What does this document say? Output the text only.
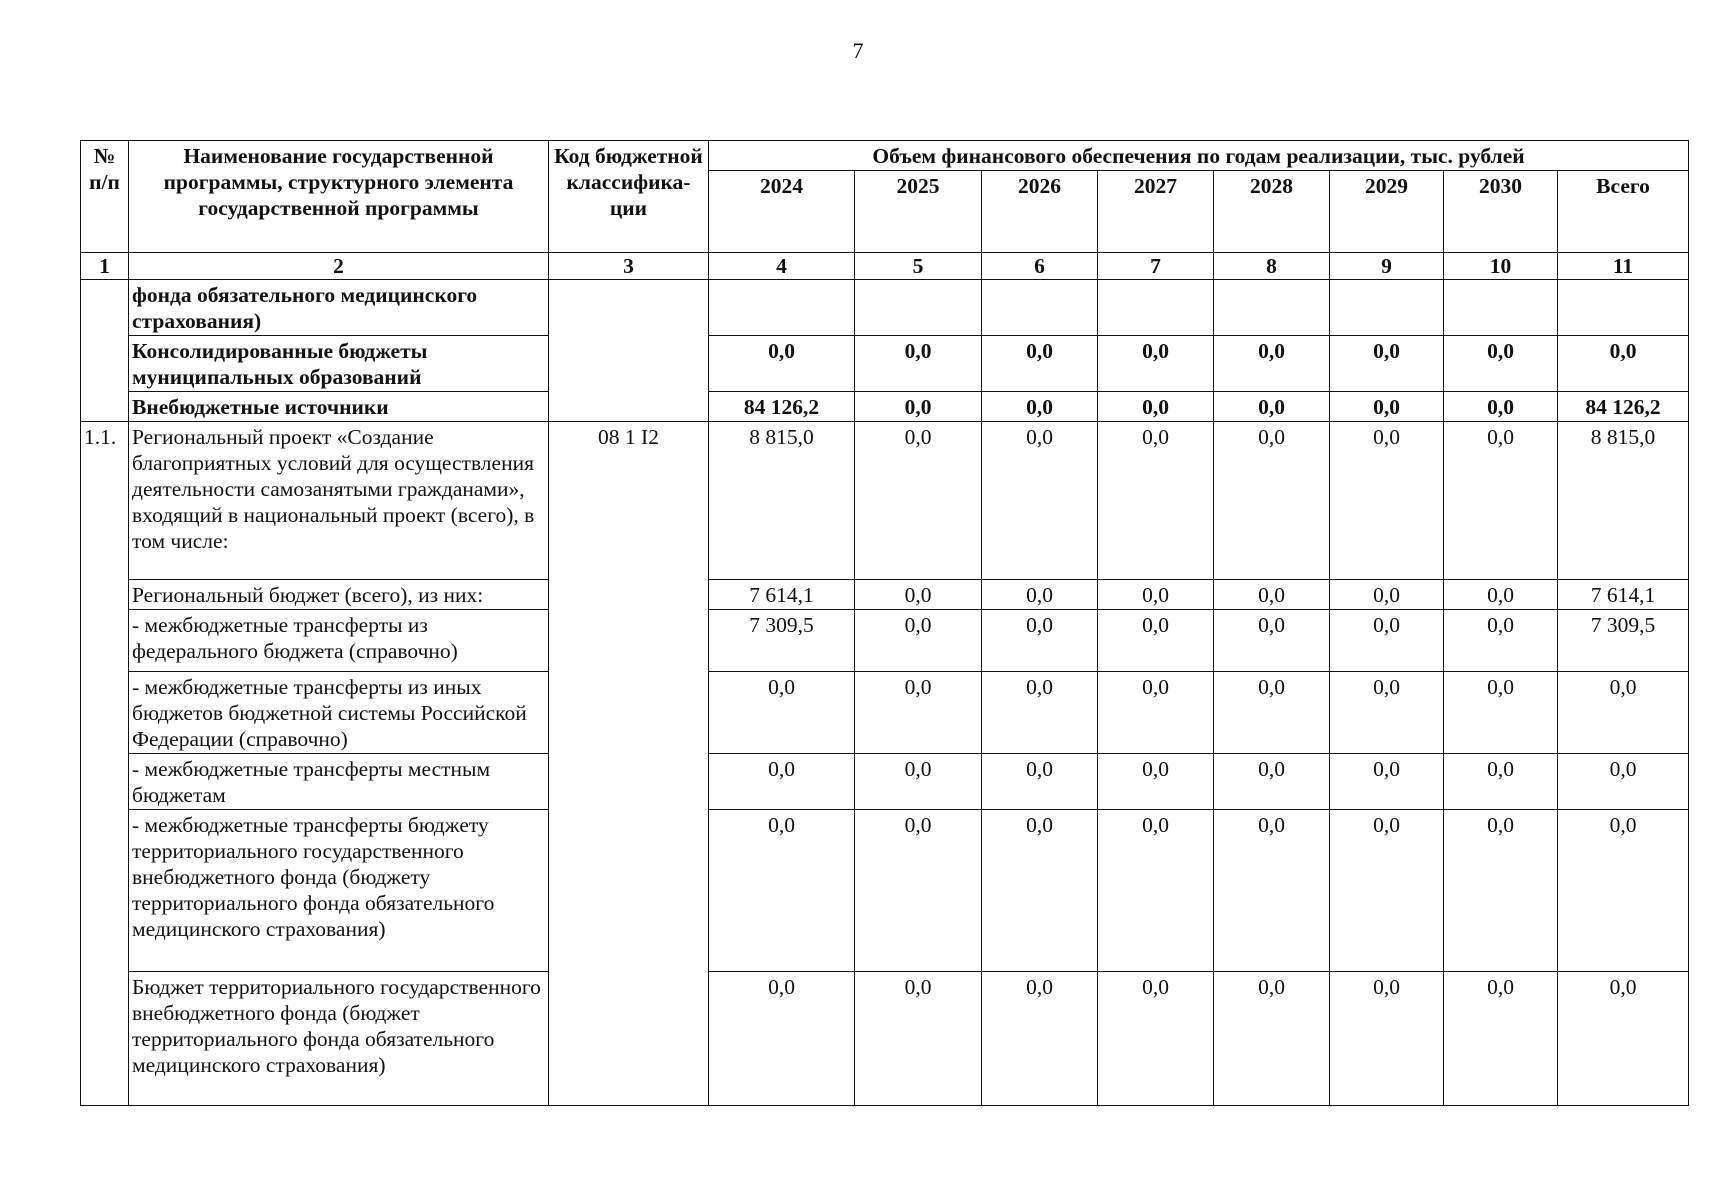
7
№ п/п	Наименование государственной программы, структурного элемента государственной программы	Код бюджетной классифика-ции	Объем финансового обеспечения по годам реализации, тыс. рублей							
			2024	2025	2026	2027	2028	2029	2030	Всего
1	2	3	4	5	6	7	8	9	10	11
	фонда обязательного медицинского страхования)									
	Консолидированные бюджеты муниципальных образований		0,0	0,0	0,0	0,0	0,0	0,0	0,0	0,0
	Внебюджетные источники		84 126,2	0,0	0,0	0,0	0,0	0,0	0,0	84 126,2
1.1.	Региональный проект «Создание благоприятных условий для осуществления деятельности самозанятыми гражданами», входящий в национальный проект (всего), в том числе:	08 1 I2	8 815,0	0,0	0,0	0,0	0,0	0,0	0,0	8 815,0
	Региональный бюджет (всего), из них:		7 614,1	0,0	0,0	0,0	0,0	0,0	0,0	7 614,1
	- межбюджетные трансферты из федерального бюджета (справочно)		7 309,5	0,0	0,0	0,0	0,0	0,0	0,0	7 309,5
	- межбюджетные трансферты из иных бюджетов бюджетной системы Российской Федерации (справочно)		0,0	0,0	0,0	0,0	0,0	0,0	0,0	0,0
	- межбюджетные трансферты местным бюджетам		0,0	0,0	0,0	0,0	0,0	0,0	0,0	0,0
	- межбюджетные трансферты бюджету территориального государственного внебюджетного фонда (бюджету территориального фонда обязательного медицинского страхования)		0,0	0,0	0,0	0,0	0,0	0,0	0,0	0,0
	Бюджет территориального государственного внебюджетного фонда (бюджет территориального фонда обязательного медицинского страхования)		0,0	0,0	0,0	0,0	0,0	0,0	0,0	0,0
